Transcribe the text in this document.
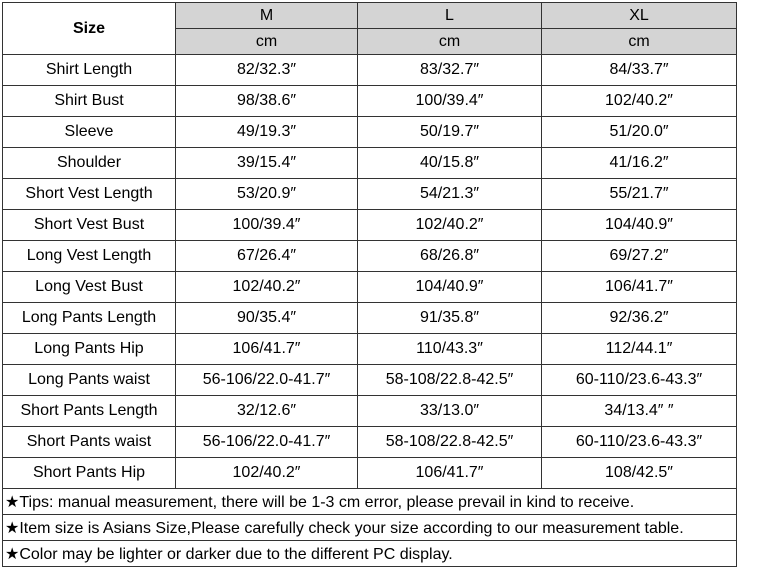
Size	M	L	XL
	cm	cm	cm
Shirt Length	82/32.3″	83/32.7″	84/33.7″
Shirt Bust	98/38.6″	100/39.4″	102/40.2″
Sleeve	49/19.3″	50/19.7″	51/20.0″
Shoulder	39/15.4″	40/15.8″	41/16.2″
Short Vest Length	53/20.9″	54/21.3″	55/21.7″
Short Vest Bust	100/39.4″	102/40.2″	104/40.9″
Long Vest Length	67/26.4″	68/26.8″	69/27.2″
Long Vest Bust	102/40.2″	104/40.9″	106/41.7″
Long Pants Length	90/35.4″	91/35.8″	92/36.2″
Long Pants Hip	106/41.7″	110/43.3″	112/44.1″
Long Pants waist	56-106/22.0-41.7″	58-108/22.8-42.5″	60-110/23.6-43.3″
Short Pants Length	32/12.6″	33/13.0″	34/13.4″ ″
Short Pants waist	56-106/22.0-41.7″	58-108/22.8-42.5″	60-110/23.6-43.3″
Short Pants Hip	102/40.2″	106/41.7″	108/42.5″
★Tips: manual measurement, there will be 1-3 cm error, please prevail in kind to receive.			
★Item size is Asians Size,Please carefully check your size according to our measurement table.			
★Color may be lighter or darker due to the different PC display.			
